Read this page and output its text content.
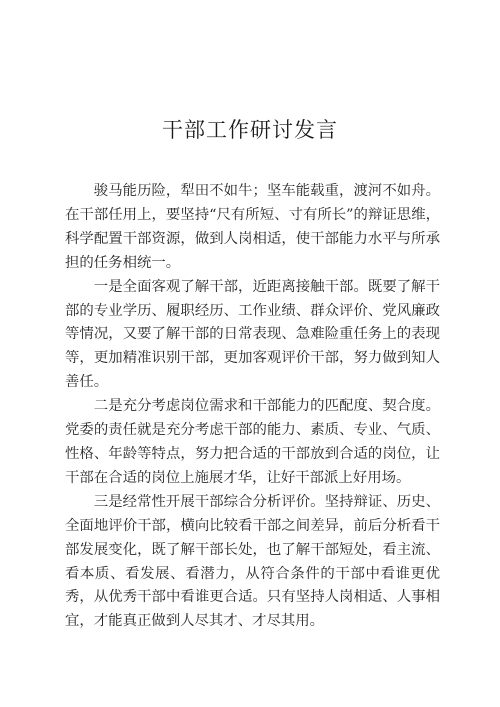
干部工作研讨发言

骏马能历险，犁田不如牛；坚车能载重，渡河不如舟。在干部任用上，要坚持“尺有所短、寸有所长”的辩证思维，科学配置干部资源，做到人岗相适，使干部能力水平与所承担的任务相统一。

一是全面客观了解干部，近距离接触干部。既要了解干部的专业学历、履职经历、工作业绩、群众评价、党风廉政等情况，又要了解干部的日常表现、急难险重任务上的表现等，更加精准识别干部，更加客观评价干部，努力做到知人善任。

二是充分考虑岗位需求和干部能力的匹配度、契合度。党委的责任就是充分考虑干部的能力、素质、专业、气质、性格、年龄等特点，努力把合适的干部放到合适的岗位，让干部在合适的岗位上施展才华，让好干部派上好用场。

三是经常性开展干部综合分析评价。坚持辩证、历史、全面地评价干部，横向比较看干部之间差异，前后分析看干部发展变化，既了解干部长处，也了解干部短处，看主流、看本质、看发展、看潜力，从符合条件的干部中看谁更优秀，从优秀干部中看谁更合适。只有坚持人岗相适、人事相宜，才能真正做到人尽其才、才尽其用。
